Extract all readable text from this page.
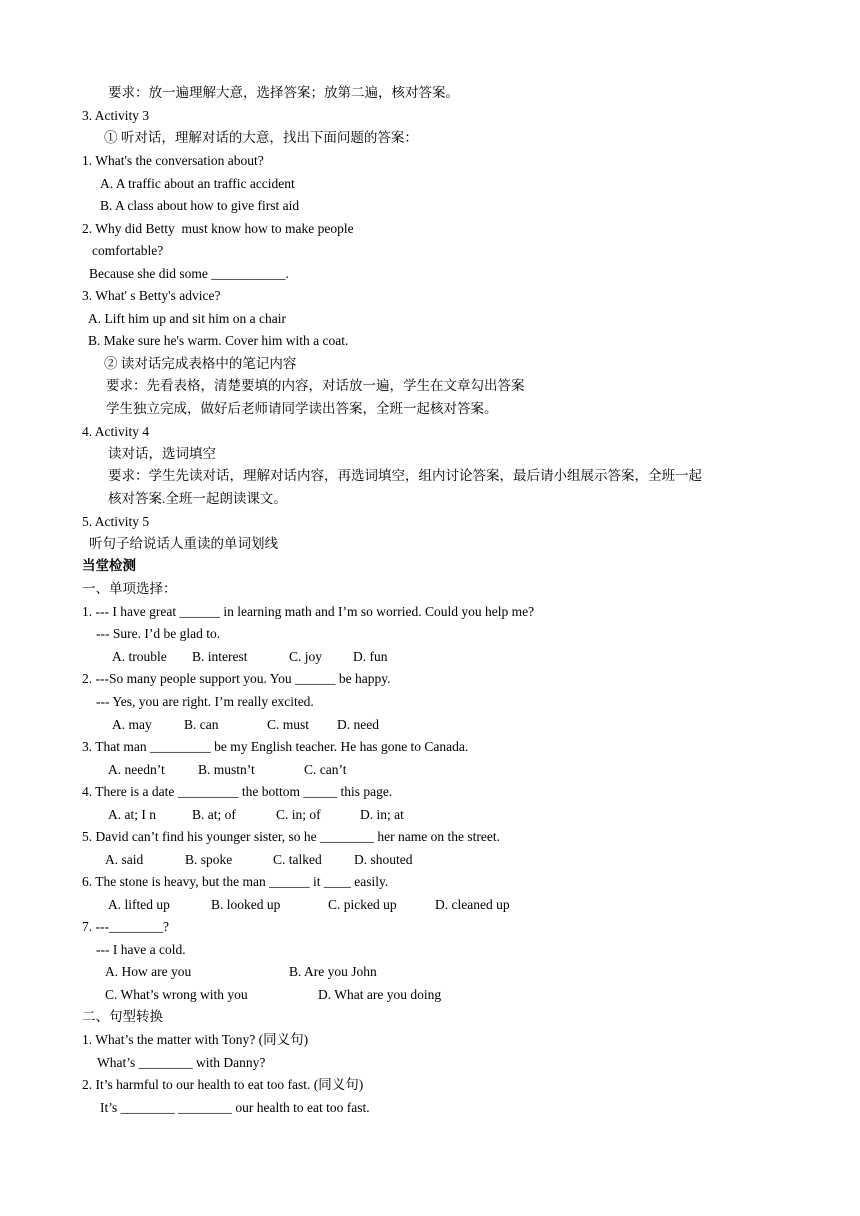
要求：放一遍理解大意，选择答案；放第二遍，核对答案。
3. Activity 3
① 听对话，理解对话的大意，找出下面问题的答案：
1. What's the conversation about?
A. A traffic about an traffic accident
B. A class about how to give first aid
2. Why did Betty  must know how to make people
comfortable?
Because she did some ___________.
3. What' s Betty's advice?
A. Lift him up and sit him on a chair
B. Make sure he's warm. Cover him with a coat.
② 读对话完成表格中的笔记内容
要求：先看表格，清楚要填的内容，对话放一遍，学生在文章勾出答案
学生独立完成，做好后老师请同学读出答案，全班一起核对答案。
4. Activity 4
读对话，选词填空
要求：学生先读对话，理解对话内容，再选词填空，组内讨论答案，最后请小组展示答案，全班一起
核对答案.全班一起朗读课文。
5. Activity 5
听句子给说话人重读的单词划线
当堂检测
一、单项选择：
1. --- I have great ______ in learning math and I’m so worried. Could you help me?
--- Sure. I’d be glad to.
A. trouble B. interest	C. joy D. fun
2. ---So many people support you. You ______ be happy.
--- Yes, you are right. I’m really excited.
A. may B. can	C. must D. need
3. That man _________ be my English teacher. He has gone to Canada.
A. needn’t B. mustn’t	C. can’t
4. There is a date _________ the bottom _____ this page.
A. at; I n	B. at; of	C. in; of	D. in; at
5. David can’t find his younger sister, so he ________ her name on the street.
A. said	B. spoke	C. talked D. shouted
6. The stone is heavy, but the man ______ it ____ easily.
A. lifted up	B. looked up	C. picked up	D. cleaned up
7. ---________?
--- I have a cold.
A. How are you	B. Are you John
C. What’s wrong with you	D. What are you doing
二、句型转换
1. What’s the matter with Tony? (同义句)
What’s ________ with Danny?
2. It’s harmful to our health to eat too fast. (同义句)
It’s ________ ________ our health to eat too fast.
